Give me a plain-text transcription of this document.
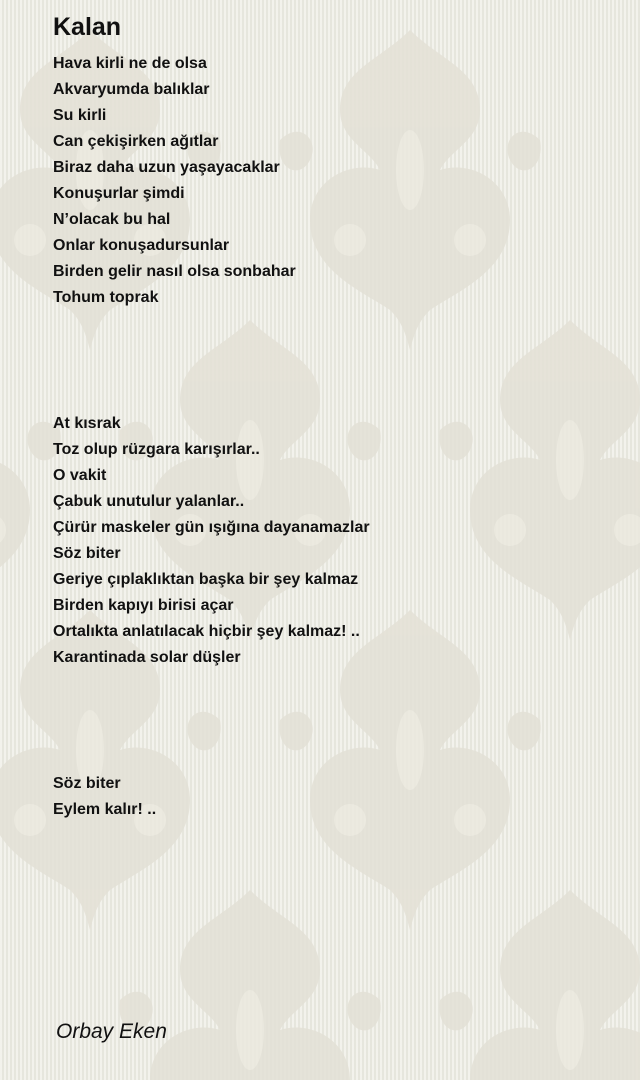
Kalan
Hava kirli ne de olsa
Akvaryumda balıklar
Su kirli
Can çekişirken ağıtlar
Biraz daha uzun yaşayacaklar
Konuşurlar şimdi
N’olacak bu hal
Onlar konuşadursunlar
Birden gelir nasıl olsa sonbahar
Tohum toprak
At kısrak
Toz olup rüzgara karışırlar..
O vakit
Çabuk unutulur yalanlar..
Çürür maskeler gün ışığına dayanamazlar
Söz biter
Geriye çıplaklıktan başka bir şey kalmaz
Birden kapıyı birisi açar
Ortalıkta anlatılacak hiçbir şey kalmaz! ..
Karantinada solar düşler
Söz biter
Eylem kalır! ..
Orbay Eken
